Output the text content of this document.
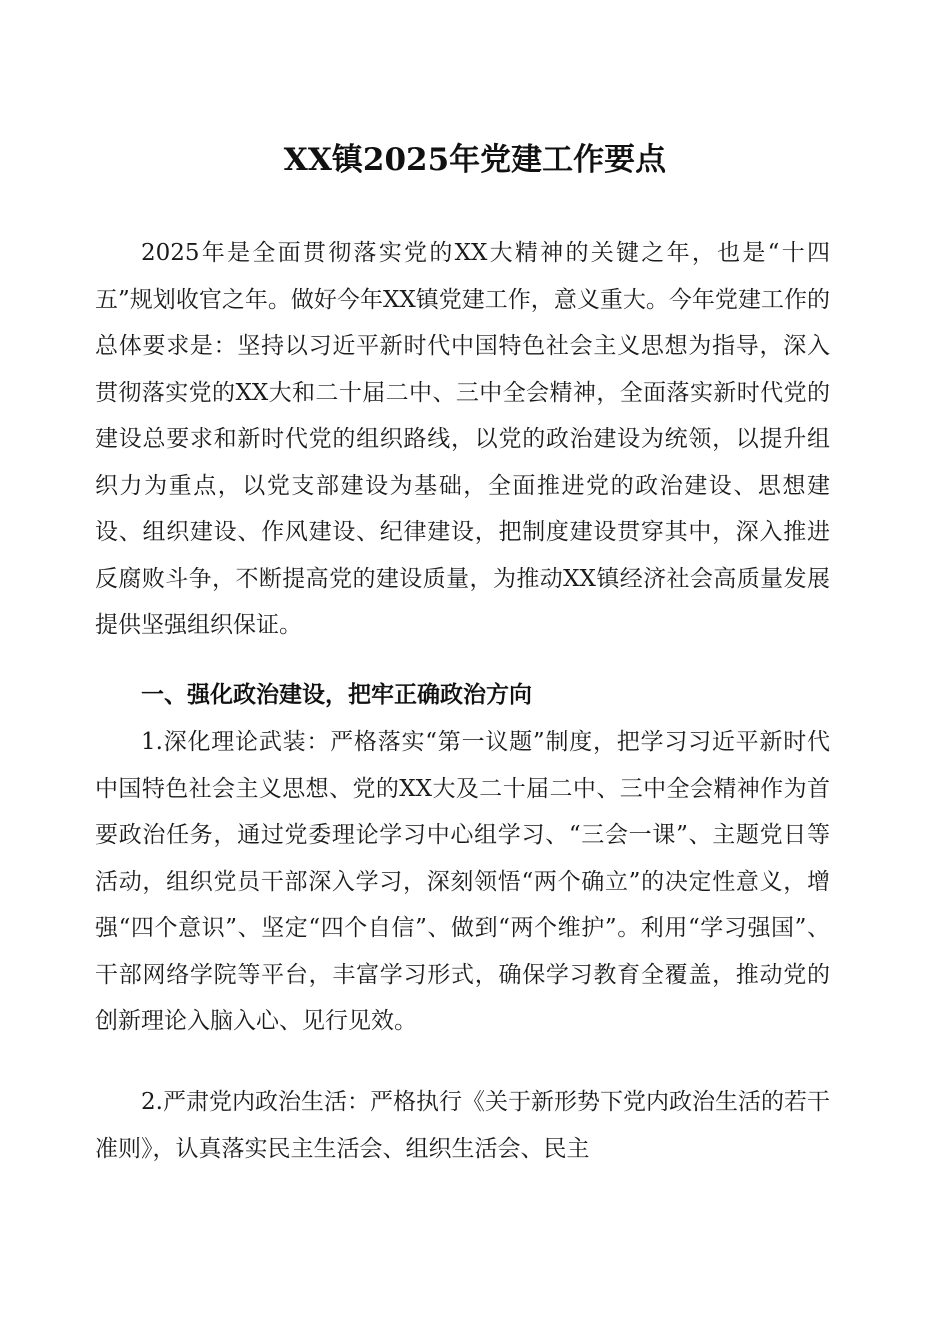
XX镇2025年党建工作要点

2025年是全面贯彻落实党的XX大精神的关键之年，也是“十四五”规划收官之年。做好今年XX镇党建工作，意义重大。今年党建工作的总体要求是：坚持以习近平新时代中国特色社会主义思想为指导，深入贯彻落实党的XX大和二十届二中、三中全会精神，全面落实新时代党的建设总要求和新时代党的组织路线，以党的政治建设为统领，以提升组织力为重点，以党支部建设为基础，全面推进党的政治建设、思想建设、组织建设、作风建设、纪律建设，把制度建设贯穿其中，深入推进反腐败斗争，不断提高党的建设质量，为推动XX镇经济社会高质量发展提供坚强组织保证。

一、强化政治建设，把牢正确政治方向

1.深化理论武装：严格落实“第一议题”制度，把学习习近平新时代中国特色社会主义思想、党的XX大及二十届二中、三中全会精神作为首要政治任务，通过党委理论学习中心组学习、“三会一课”、主题党日等活动，组织党员干部深入学习，深刻领悟“两个确立”的决定性意义，增强“四个意识”、坚定“四个自信”、做到“两个维护”。利用“学习强国”、干部网络学院等平台，丰富学习形式，确保学习教育全覆盖，推动党的创新理论入脑入心、见行见效。

2.严肃党内政治生活：严格执行《关于新形势下党内政治生活的若干准则》，认真落实民主生活会、组织生活会、民主
